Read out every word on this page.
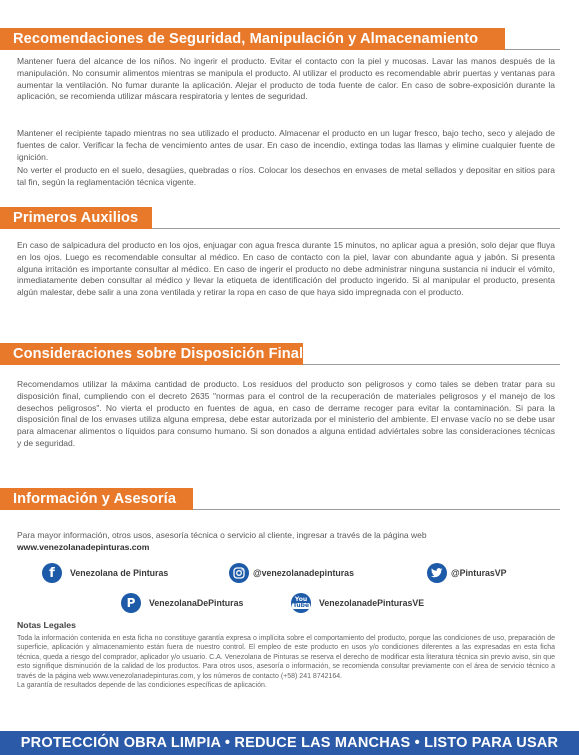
Recomendaciones de Seguridad, Manipulación y Almacenamiento

Mantener fuera del alcance de los niños. No ingerir el producto. Evitar el contacto con la piel y mucosas. Lavar las manos después de la manipulación. No consumir alimentos mientras se manipula el producto. Al utilizar el producto es recomendable abrir puertas y ventanas para aumentar la ventilación. No fumar durante la aplicación. Alejar el producto de toda fuente de calor. En caso de sobre-exposición durante la aplicación, se recomienda utilizar máscara respiratoria y lentes de seguridad.

Mantener el recipiente tapado mientras no sea utilizado el producto. Almacenar el producto en un lugar fresco, bajo techo, seco y alejado de fuentes de calor. Verificar la fecha de vencimiento antes de usar. En caso de incendio, extinga todas las llamas y elimine cualquier fuente de ignición.

No verter el producto en el suelo, desagües, quebradas o ríos. Colocar los desechos en envases de metal sellados y depositar en sitios para tal fin, según la reglamentación técnica vigente.

Primeros Auxilios

En caso de salpicadura del producto en los ojos, enjuagar con agua fresca durante 15 minutos, no aplicar agua a presión, solo dejar que fluya en los ojos. Luego es recomendable consultar al médico. En caso de contacto con la piel, lavar con abundante agua y jabón. Si presenta alguna irritación es importante consultar al médico. En caso de ingerir el producto no debe administrar ninguna sustancia ni inducir el vómito, inmediatamente deben consultar al médico y llevar la etiqueta de identificación del producto ingerido. Si al manipular el producto, presenta algún malestar, debe salir a una zona ventilada y retirar la ropa en caso de que haya sido impregnada con el producto.

Consideraciones sobre Disposición Final

Recomendamos utilizar la máxima cantidad de producto. Los residuos del producto son peligrosos y como tales se deben tratar para su disposición final, cumpliendo con el decreto 2635 "normas para el control de la recuperación de materiales peligrosos y el manejo de los desechos peligrosos". No vierta el producto en fuentes de agua, en caso de derrame recoger para evitar la contaminación. Si para la disposición final de los envases utiliza alguna empresa, debe estar autorizada por el ministerio del ambiente. El envase vacío no se debe usar para almacenar alimentos o líquidos para consumo humano. Si son donados a alguna entidad adviértales sobre las consideraciones técnicas y de seguridad.

Información y Asesoría
Para mayor información, otros usos, asesoría técnica o servicio al cliente, ingresar a través de la página web
www.venezolanadepinturas.com
f	Venezolana de Pinturas	@venezolanadepinturas	@PinturasVP
P	VenezolanaDePinturas	You
Tube VenezolanadePinturasVE
Notas Legales

Toda la información contenida en esta ficha no constituye garantía expresa o implícita sobre el comportamiento del producto, porque las condiciones de uso, preparación de superficie, aplicación y almacenamiento están fuera de nuestro control. El empleo de este producto en usos y/o condiciones diferentes a las expresadas en esta ficha técnica, queda a riesgo del comprador, aplicador y/o usuario. C.A. Venezolana de Pinturas se reserva el derecho de modificar esta literatura técnica sin previo aviso, sin que esto signifique disminución de la calidad de los productos. Para otros usos, asesoría o información, se recomienda consultar previamente con el área de servicio técnico a través de la página web www.venezolanadepinturas.com, y los números de contacto (+58) 241 8742164.
La garantía de resultados depende de las condiciones específicas de aplicación.

PROTECCIÓN OBRA LIMPIA • REDUCE LAS MANCHAS • LISTO PARA USAR
